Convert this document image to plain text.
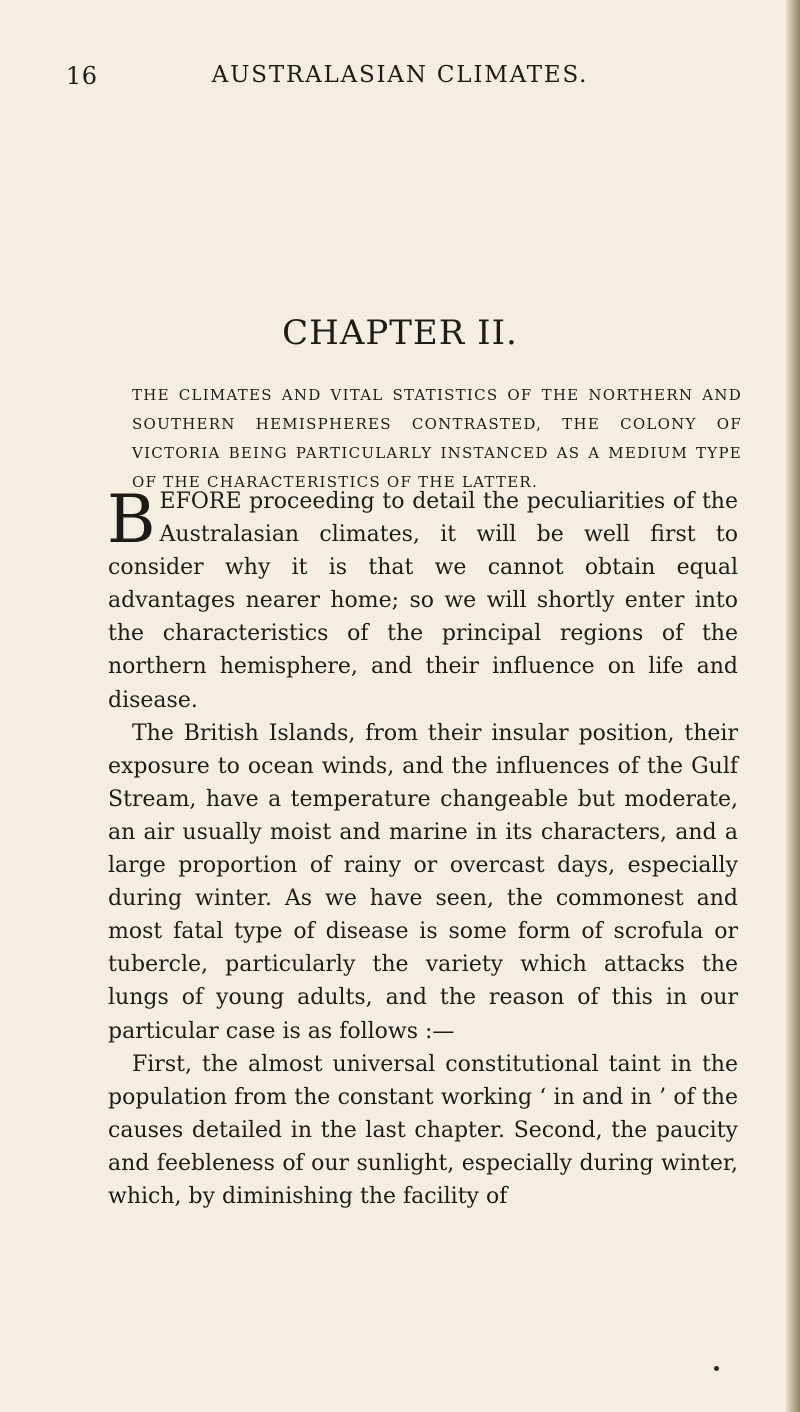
16	AUSTRALASIAN CLIMATES.
CHAPTER II.
THE CLIMATES AND VITAL STATISTICS OF THE NORTHERN AND SOUTHERN HEMISPHERES CONTRASTED, THE COLONY OF VICTORIA BEING PARTICULARLY INSTANCED AS A MEDIUM TYPE OF THE CHARACTERISTICS OF THE LATTER.

BEFORE proceeding to detail the peculiarities of the Australasian climates, it will be well first to consider why it is that we cannot obtain equal advantages nearer home; so we will shortly enter into the characteristics of the principal regions of the northern hemisphere, and their influence on life and disease.

The British Islands, from their insular position, their exposure to ocean winds, and the influences of the Gulf Stream, have a temperature changeable but moderate, an air usually moist and marine in its characters, and a large proportion of rainy or overcast days, especially during winter. As we have seen, the commonest and most fatal type of disease is some form of scrofula or tubercle, particularly the variety which attacks the lungs of young adults, and the reason of this in our particular case is as follows :—

First, the almost universal constitutional taint in the population from the constant working ‘ in and in ’ of the causes detailed in the last chapter. Second, the paucity and feebleness of our sunlight, especially during winter, which, by diminishing the facility of
